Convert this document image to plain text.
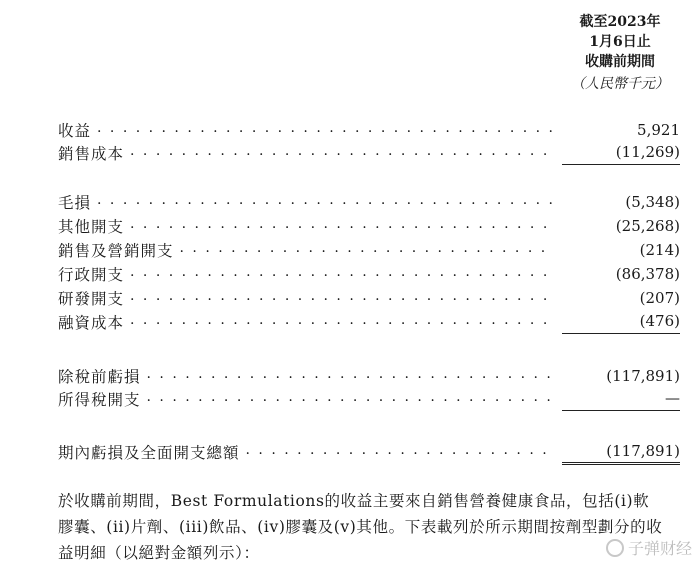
截至2023年
1月6日止
收購前期間
（人民幣千元）
收益 . . .	5,921
銷售成本 . . .	(11,269)
毛損 . . .	(5,348)
其他開支 . . .	(25,268)
銷售及營銷開支 . . .	(214)
行政開支 . . .	(86,378)
研發開支 . . .	(207)
融資成本 . . .	(476)
除稅前虧損 . . .	(117,891)
所得稅開支 . . .	—
期內虧損及全面開支總額 . . .	(117,891)

於收購前期間，Best Formulations的收益主要來自銷售營養健康食品，包括(i)軟

膠囊、(ii)片劑、(iii)飲品、(iv)膠囊及(v)其他。下表載列於所示期間按劑型劃分的收

益明細（以絕對金額列示）：	子弹财经
